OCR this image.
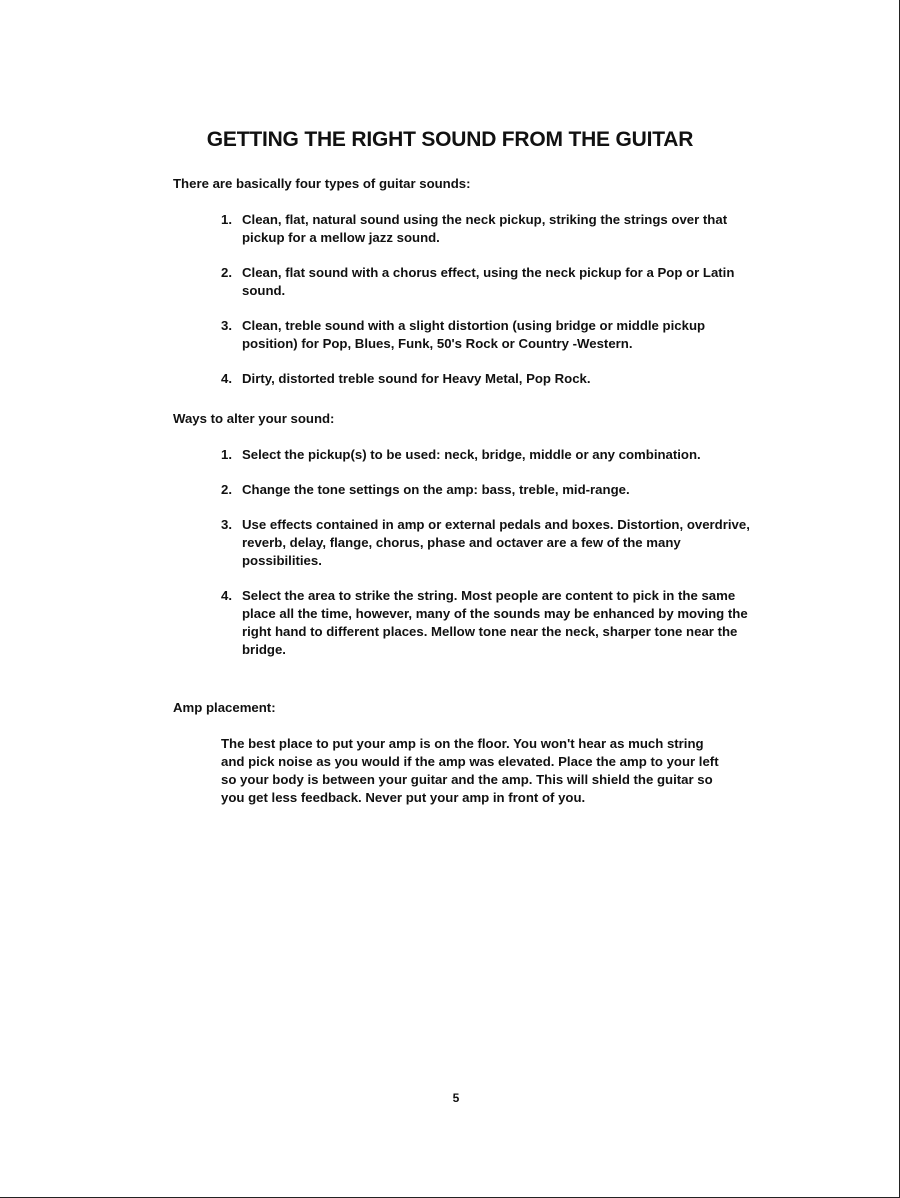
GETTING THE RIGHT SOUND FROM THE GUITAR

There are basically four types of guitar sounds:

1. Clean, flat, natural sound using the neck pickup, striking the strings over that pickup for a mellow jazz sound.
2. Clean, flat sound with a chorus effect, using the neck pickup for a Pop or Latin sound.
3. Clean, treble sound with a slight distortion (using bridge or middle pickup position) for Pop, Blues, Funk, 50's Rock or Country -Western.
4. Dirty, distorted treble sound for Heavy Metal, Pop Rock.

Ways to alter your sound:

1. Select the pickup(s) to be used: neck, bridge, middle or any combination.
2. Change the tone settings on the amp: bass, treble, mid-range.
3. Use effects contained in amp or external pedals and boxes. Distortion, overdrive, reverb, delay, flange, chorus, phase and octaver are a few of the many possibilities.
4. Select the area to strike the string. Most people are content to pick in the same place all the time, however, many of the sounds may be enhanced by moving the right hand to different places. Mellow tone near the neck, sharper tone near the bridge.

Amp placement:

The best place to put your amp is on the floor. You won't hear as much string and pick noise as you would if the amp was elevated. Place the amp to your left so your body is between your guitar and the amp. This will shield the guitar so you get less feedback. Never put your amp in front of you.

5
